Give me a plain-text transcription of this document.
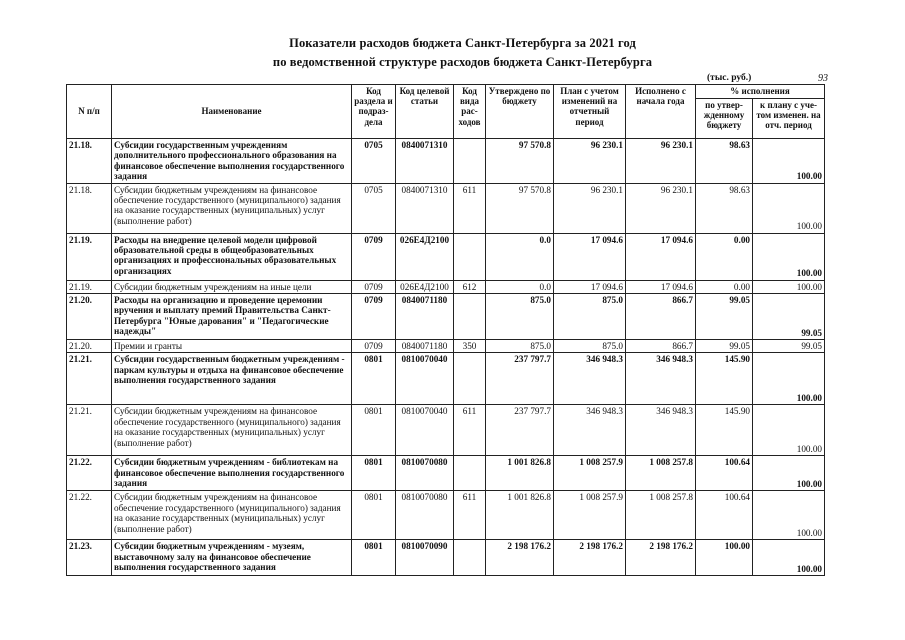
Показатели расходов бюджета Санкт-Петербурга за 2021 год
по ведомственной структуре расходов бюджета Санкт-Петербурга
(тыс. руб.)	93
N п/п	Наименование	Код раздела и подраз-дела	Код целевой статьи	Код вида рас-ходов	Утверждено по бюджету	План с учетом изменений на отчетный период	Исполнено с начала года	% исполнения	
								по утвер-жденному бюджету	к плану с уче-том изменен. на отч. период
21.18.	Субсидии государственным учреждениям дополнительного профессионального образования на финансовое обеспечение выполнения государственного задания	0705	0840071310		97 570.8	96 230.1	96 230.1	98.63	100.00
21.18.	Субсидии бюджетным учреждениям на финансовое обеспечение государственного (муниципального) задания на оказание государственных (муниципальных) услуг (выполнение работ)	0705	0840071310	611	97 570.8	96 230.1	96 230.1	98.63	100.00
21.19.	Расходы на внедрение целевой модели цифровой образовательной среды в общеобразовательных организациях и профессиональных образовательных организациях	0709	026Е4Д2100		0.0	17 094.6	17 094.6	0.00	100.00
21.19.	Субсидии бюджетным учреждениям на иные цели	0709	026Е4Д2100	612	0.0	17 094.6	17 094.6	0.00	100.00
21.20.	Расходы на организацию и проведение церемонии вручения и выплату премий Правительства Санкт-Петербурга "Юные дарования" и "Педагогические надежды"	0709	0840071180		875.0	875.0	866.7	99.05	99.05
21.20.	Премии и гранты	0709	0840071180	350	875.0	875.0	866.7	99.05	99.05
21.21.	Субсидии государственным бюджетным учреждениям - паркам культуры и отдыха на финансовое обеспечение выполнения государственного задания	0801	0810070040		237 797.7	346 948.3	346 948.3	145.90	100.00
21.21.	Субсидии бюджетным учреждениям на финансовое обеспечение государственного (муниципального) задания на оказание государственных (муниципальных) услуг (выполнение работ)	0801	0810070040	611	237 797.7	346 948.3	346 948.3	145.90	100.00
21.22.	Субсидии бюджетным учреждениям - библиотекам на финансовое обеспечение выполнения государственного задания	0801	0810070080		1 001 826.8	1 008 257.9	1 008 257.8	100.64	100.00
21.22.	Субсидии бюджетным учреждениям на финансовое обеспечение государственного (муниципального) задания на оказание государственных (муниципальных) услуг (выполнение работ)	0801	0810070080	611	1 001 826.8	1 008 257.9	1 008 257.8	100.64	100.00
21.23.	Субсидии бюджетным учреждениям - музеям, выставочному залу на финансовое обеспечение выполнения государственного задания	0801	0810070090		2 198 176.2	2 198 176.2	2 198 176.2	100.00	100.00
